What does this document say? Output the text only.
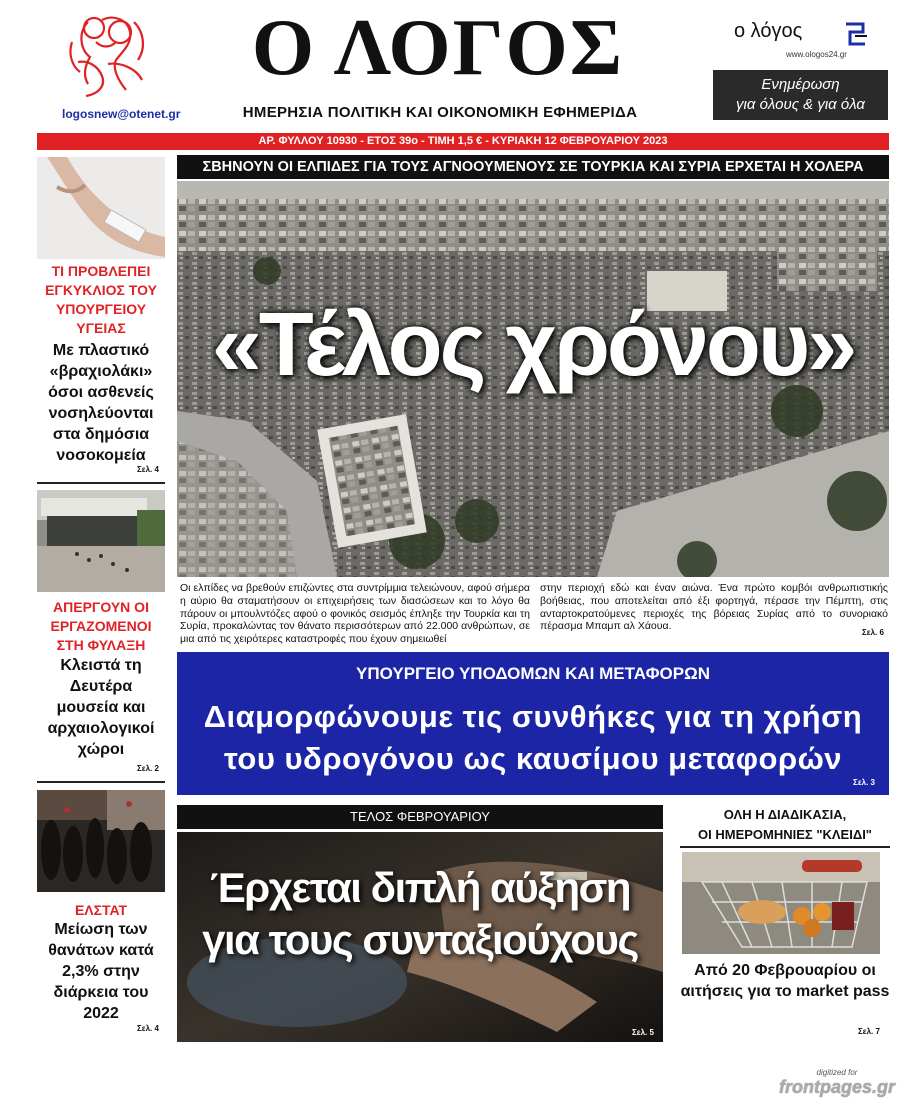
logosnew@otenet.gr
Ο ΛΟΓΟΣ
ΗΜΕΡΗΣΙΑ ΠΟΛΙΤΙΚΗ ΚΑΙ ΟΙΚΟΝΟΜΙΚΗ ΕΦΗΜΕΡΙΔΑ
ο λόγος
www.ologos24.gr
Ενημέρωση
για όλους & για όλα
ΑΡ. ΦΥΛΛΟΥ 10930 - ΕΤΟΣ 39ο - ΤΙΜΗ 1,5 € - ΚΥΡΙΑΚΗ 12 ΦΕΒΡΟΥΑΡΙΟΥ 2023
ΤΙ ΠΡΟΒΛΕΠΕΙ ΕΓΚΥΚΛΙΟΣ ΤΟΥ ΥΠΟΥΡΓΕΙΟΥ ΥΓΕΙΑΣ
Με πλαστικό «βραχιολάκι» όσοι ασθενείς νοσηλεύονται στα δημόσια νοσοκομεία
Σελ. 4
ΑΠΕΡΓΟΥΝ ΟΙ ΕΡΓΑΖΟΜΕΝΟΙ ΣΤΗ ΦΥΛΑΞΗ
Κλειστά τη Δευτέρα μουσεία και αρχαιολογικοί χώροι
Σελ. 2
ΕΛΣΤΑΤ
Μείωση των θανάτων κατά 2,3% στην διάρκεια του 2022
Σελ. 4
ΣΒΗΝΟΥΝ ΟΙ ΕΛΠΙΔΕΣ ΓΙΑ ΤΟΥΣ ΑΓΝΟΟΥΜΕΝΟΥΣ ΣΕ ΤΟΥΡΚΙΑ ΚΑΙ ΣΥΡΙΑ ΕΡΧΕΤΑΙ Η ΧΟΛΕΡΑ
«Τέλος χρόνου»
Οι ελπίδες να βρεθούν επιζώντες στα συντρίμμια τελειώνουν, αφού σήμερα η αύριο θα σταματήσουν οι επιχειρήσεις των διασώσεων και το λόγο θα πάρουν οι μπουλντόζες αφού ο φονικός σεισμός έπληξε την Τουρκία και τη Συρία, προκαλώντας τον θάνατο περισσότερων από 22.000 ανθρώπων, σε μια από τις χειρότερες καταστροφές που έχουν σημειωθεί
στην περιοχή εδώ και έναν αιώνα. Ένα πρώτο κομβόι ανθρωπιστικής βοήθειας, που αποτελείται από έξι φορτηγά, πέρασε την Πέμπτη, στις ανταρτοκρατούμενες περιοχές της βόρειας Συρίας από το συνοριακό πέρασμα Μπαμπ αλ Χάουα.
Σελ. 6
ΥΠΟΥΡΓΕΙΟ ΥΠΟΔΟΜΩΝ ΚΑΙ ΜΕΤΑΦΟΡΩΝ
Διαμορφώνουμε τις συνθήκες για τη χρήση του υδρογόνου ως καυσίμου μεταφορών
Σελ. 3
ΤΕΛΟΣ ΦΕΒΡΟΥΑΡΙΟΥ
Έρχεται διπλή αύξηση
για τους συνταξιούχους
Σελ. 5
ΟΛΗ Η ΔΙΑΔΙΚΑΣΙΑ,
ΟΙ ΗΜΕΡΟΜΗΝΙΕΣ "ΚΛΕΙΔΙ"
Από 20 Φεβρουαρίου οι αιτήσεις για το market pass
Σελ. 7
digitized for
frontpages.gr
